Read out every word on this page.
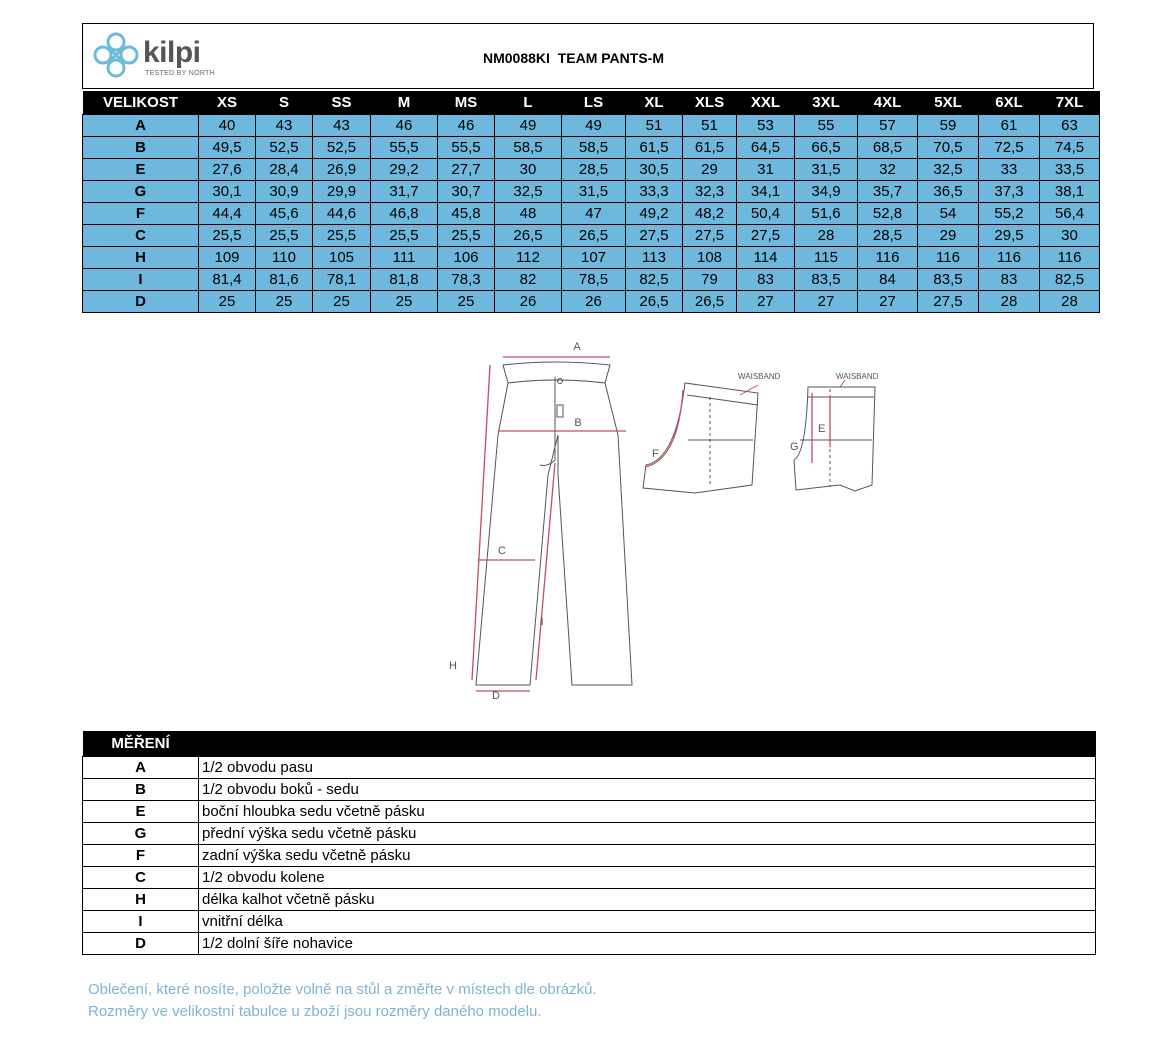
kilpi
TESTED BY NORTH
NM0088KI  TEAM PANTS-M
VELIKOST	XS	S	SS	M	MS	L	LS	XL	XLS	XXL	3XL	4XL	5XL	6XL	7XL
A	40	43	43	46	46	49	49	51	51	53	55	57	59	61	63
B	49,5	52,5	52,5	55,5	55,5	58,5	58,5	61,5	61,5	64,5	66,5	68,5	70,5	72,5	74,5
E	27,6	28,4	26,9	29,2	27,7	30	28,5	30,5	29	31	31,5	32	32,5	33	33,5
G	30,1	30,9	29,9	31,7	30,7	32,5	31,5	33,3	32,3	34,1	34,9	35,7	36,5	37,3	38,1
F	44,4	45,6	44,6	46,8	45,8	48	47	49,2	48,2	50,4	51,6	52,8	54	55,2	56,4
C	25,5	25,5	25,5	25,5	25,5	26,5	26,5	27,5	27,5	27,5	28	28,5	29	29,5	30
H	109	110	105	111	106	112	107	113	108	114	115	116	116	116	116
I	81,4	81,6	78,1	81,8	78,3	82	78,5	82,5	79	83	83,5	84	83,5	83	82,5
D	25	25	25	25	25	26	26	26,5	26,5	27	27	27	27,5	28	28
A
B
C
D
H
I
WAISBAND
F
WAISBAND
E
G
MĚŘENÍ	
A	1/2 obvodu pasu
B	1/2 obvodu boků - sedu
E	boční hloubka sedu včetně pásku
G	přední výška sedu včetně pásku
F	zadní výška sedu včetně pásku
C	1/2 obvodu kolene
H	délka kalhot včetně pásku
I	vnitřní délka
D	1/2 dolní šíře nohavice
Oblečení, které nosíte, položte volně na stůl a změřte v místech dle obrázků.
Rozměry ve velikostní tabulce u zboží jsou rozměry daného modelu.
